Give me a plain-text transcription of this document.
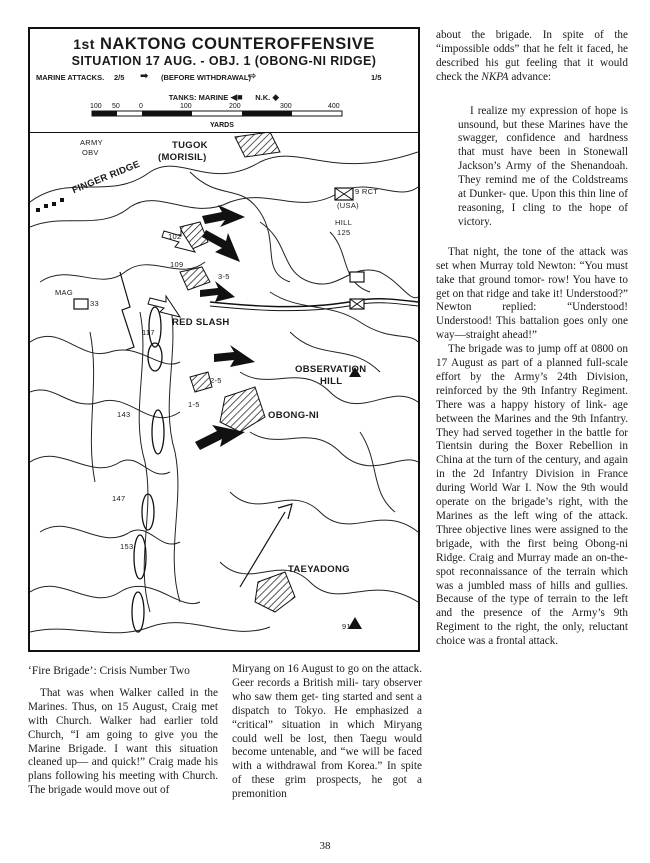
1st NAKTONG COUNTEROFFENSIVE
SITUATION 17 AUG. - OBJ. 1 (OBONG-NI RIDGE)
MARINE ATTACKS. 2/5 ➡ (BEFORE WITHDRAWAL)
⇨	1/5
TANKS: MARINE ◀■ N.K. ◆
100 50	0	100	200	300	400
YARDS
ARMY
OBV
FINGER RIDGE
TUGOK
(MORISIL)
9 RCT
(USA)
HILL
125
MAG
33
109
102
117
RED SLASH
OBSERVATION
HILL
143	OBONG-NI
147
153
TAEYADONG
91 X
3-5
2-5
1-5

about the brigade. In spite of the “impossible odds” that he felt it faced, he described his gut feeling that it would check the NKPA advance:

I realize my expression of hope is unsound, but these Marines have the swagger, confidence and hardness that must have been in Stonewall Jackson’s Army of the Shenandoah. They remind me of the Coldstreams at Dunker- que. Upon this thin line of reasoning, I cling to the hope of victory.

That night, the tone of the attack was set when Murray told Newton: “You must take that ground tomor- row! You have to get on that ridge and take it! Understood?” Newton	replied: “Understood! Understood! This battalion goes only one way—straight ahead!”

The brigade was to jump off at 0800 on 17 August as part of a planned full-scale effort by the Army’s 24th Division, reinforced by the 9th Infantry Regiment. There was a happy history of link- age between the Marines and the 9th Infantry. They had served together in the battle for Tientsin during the Boxer Rebellion in China at the turn of the century, and again in the 2d Infantry Division in France during World War I. Now the 9th would operate on the brigade’s right, with the Marines as the left wing of the attack. Three objective lines were assigned to the brigade, with the first being Obong-ni Ridge. Craig and Murray made an on-the-spot reconnaissance of the terrain which was a jumbled mass of hills and gullies. Because of the type of terrain to the left and the presence of the Army’s 9th Regiment to the right, the only, reluctant choice was a frontal attack.

‘Fire Brigade’: Crisis Number Two

That was when Walker called in the Marines. Thus, on 15 August, Craig met with Church. Walker had earlier told Church, “I am going to give you the Marine Brigade. I want this situation cleaned up— and quick!” Craig made his plans following his meeting with Church. The brigade would move out of

Miryang on 16 August to go on the attack. Geer records a British mili- tary observer who saw them get- ting started and sent a dispatch to Tokyo. He emphasized a “critical” situation in which Miryang could well be lost, then Taegu would become untenable, and “we will be faced with a withdrawal from Korea.” In spite of these grim prospects, he got a premonition

38
